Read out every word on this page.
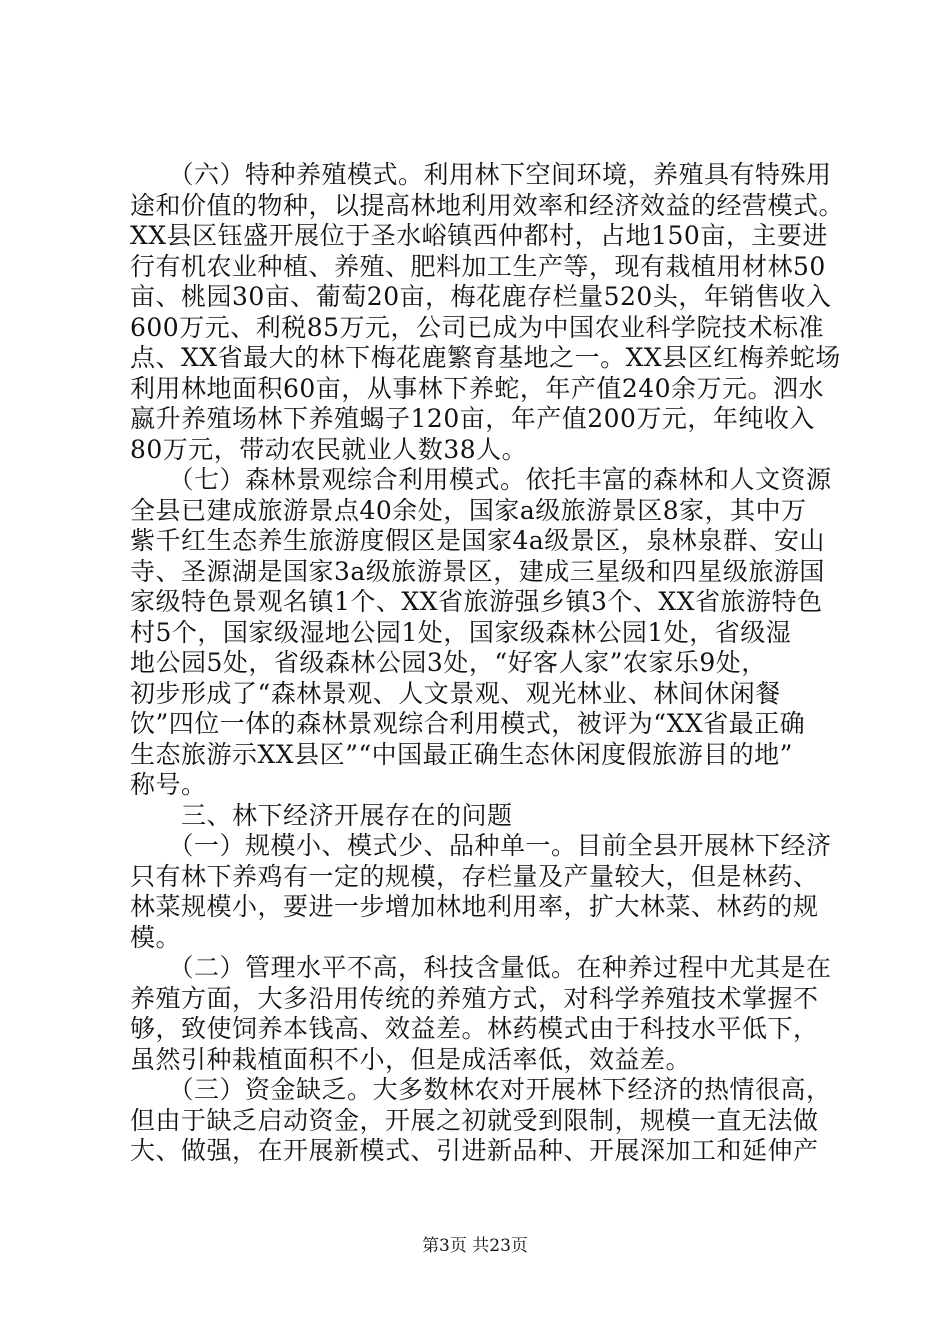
　　（六）特种养殖模式。利用林下空间环境，养殖具有特殊用
途和价值的物种，以提高林地利用效率和经济效益的经营模式。
XX县区钰盛开展位于圣水峪镇西仲都村，占地150亩，主要进
行有机农业种植、养殖、肥料加工生产等，现有栽植用材林50
亩、桃园30亩、葡萄20亩，梅花鹿存栏量520头，年销售收入
600万元、利税85万元，公司已成为中国农业科学院技术标准
点、XX省最大的林下梅花鹿繁育基地之一。XX县区红梅养蛇场
利用林地面积60亩，从事林下养蛇，年产值240余万元。泗水
嬴升养殖场林下养殖蝎子120亩，年产值200万元，年纯收入
80万元，带动农民就业人数38人。
　　（七）森林景观综合利用模式。依托丰富的森林和人文资源
全县已建成旅游景点40余处，国家a级旅游景区8家，其中万
紫千红生态养生旅游度假区是国家4a级景区，泉林泉群、安山
寺、圣源湖是国家3a级旅游景区，建成三星级和四星级旅游国
家级特色景观名镇1个、XX省旅游强乡镇3个、XX省旅游特色
村5个，国家级湿地公园1处，国家级森林公园1处，省级湿
地公园5处，省级森林公园3处，“好客人家”农家乐9处，
初步形成了“森林景观、人文景观、观光林业、林间休闲餐
饮”四位一体的森林景观综合利用模式，被评为“XX省最正确
生态旅游示XX县区”“中国最正确生态休闲度假旅游目的地”
称号。
　　三、林下经济开展存在的问题
　　（一）规模小、模式少、品种单一。目前全县开展林下经济
只有林下养鸡有一定的规模，存栏量及产量较大，但是林药、
林菜规模小，要进一步增加林地利用率，扩大林菜、林药的规
模。
　　（二）管理水平不高，科技含量低。在种养过程中尤其是在
养殖方面，大多沿用传统的养殖方式，对科学养殖技术掌握不
够，致使饲养本钱高、效益差。林药模式由于科技水平低下，
虽然引种栽植面积不小，但是成活率低，效益差。
　　（三）资金缺乏。大多数林农对开展林下经济的热情很高，
但由于缺乏启动资金，开展之初就受到限制，规模一直无法做
大、做强，在开展新模式、引进新品种、开展深加工和延伸产
第3页 共23页
